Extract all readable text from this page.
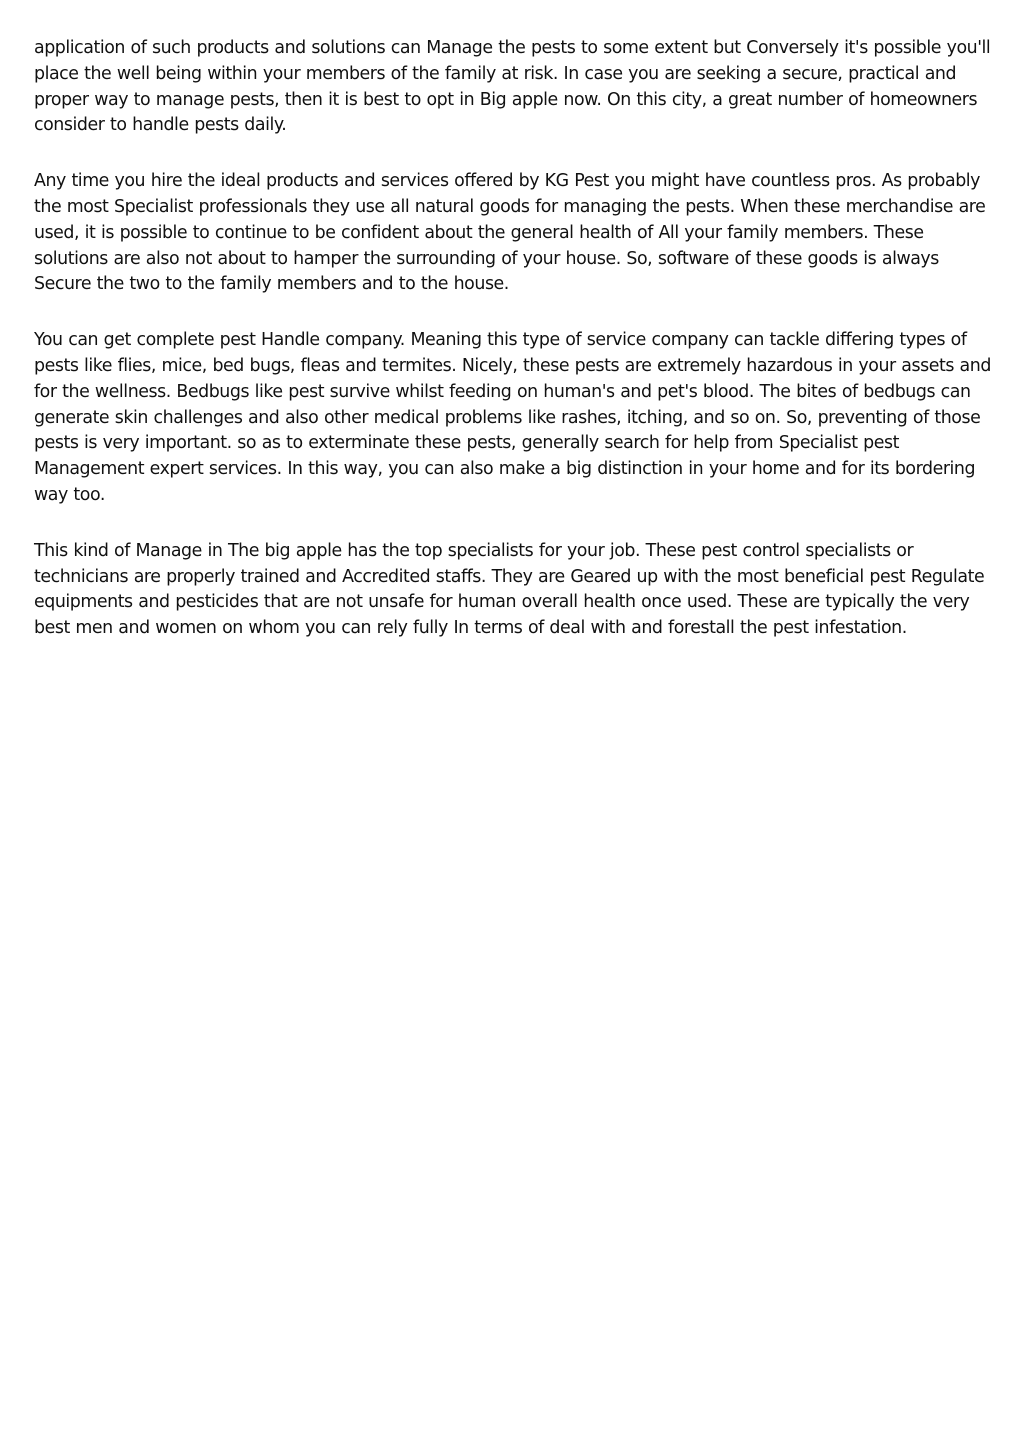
application of such products and solutions can Manage the pests to some extent but Conversely it's possible you'll place the well being within your members of the family at risk. In case you are seeking a secure, practical and proper way to manage pests, then it is best to opt in Big apple now. On this city, a great number of homeowners consider to handle pests daily.

Any time you hire the ideal products and services offered by KG Pest you might have countless pros. As probably the most Specialist professionals they use all natural goods for managing the pests. When these merchandise are used, it is possible to continue to be confident about the general health of All your family members. These solutions are also not about to hamper the surrounding of your house. So, software of these goods is always Secure the two to the family members and to the house.

You can get complete pest Handle company. Meaning this type of service company can tackle differing types of pests like flies, mice, bed bugs, fleas and termites. Nicely, these pests are extremely hazardous in your assets and for the wellness. Bedbugs like pest survive whilst feeding on human's and pet's blood. The bites of bedbugs can generate skin challenges and also other medical problems like rashes, itching, and so on. So, preventing of those pests is very important. so as to exterminate these pests, generally search for help from Specialist pest Management expert services. In this way, you can also make a big distinction in your home and for its bordering way too.

This kind of Manage in The big apple has the top specialists for your job. These pest control specialists or technicians are properly trained and Accredited staffs. They are Geared up with the most beneficial pest Regulate equipments and pesticides that are not unsafe for human overall health once used. These are typically the very best men and women on whom you can rely fully In terms of deal with and forestall the pest infestation.
